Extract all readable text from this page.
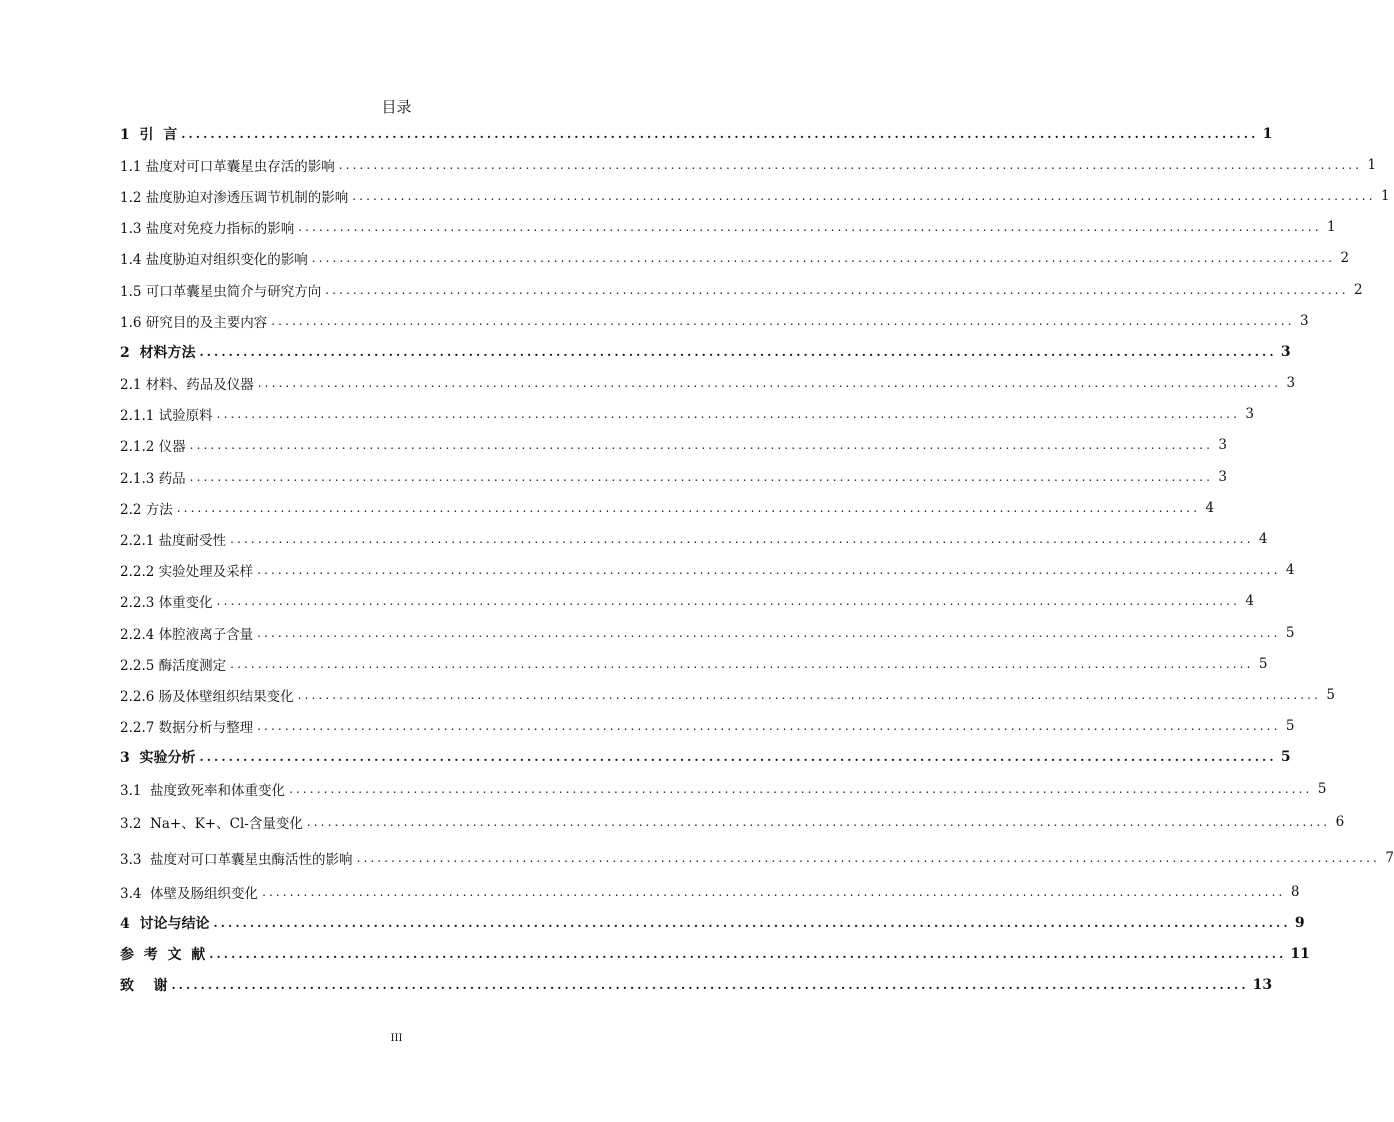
目录
1  引  言 .................................................................................................................................................... 1
1.1 盐度对可口革囊星虫存活的影响 .................................................................................................................................................... 1
1.2 盐度胁迫对渗透压调节机制的影响 .................................................................................................................................................... 1
1.3 盐度对免疫力指标的影响 .................................................................................................................................................... 1
1.4 盐度胁迫对组织变化的影响 .................................................................................................................................................... 2
1.5 可口革囊星虫简介与研究方向 .................................................................................................................................................... 2
1.6 研究目的及主要内容 .................................................................................................................................................... 3
2  材料方法 .................................................................................................................................................... 3
2.1 材料、药品及仪器 .................................................................................................................................................... 3
2.1.1 试验原料 .................................................................................................................................................... 3
2.1.2 仪器 .................................................................................................................................................... 3
2.1.3 药品 .................................................................................................................................................... 3
2.2 方法 .................................................................................................................................................... 4
2.2.1 盐度耐受性 .................................................................................................................................................... 4
2.2.2 实验处理及采样 .................................................................................................................................................... 4
2.2.3 体重变化 .................................................................................................................................................... 4
2.2.4 体腔液离子含量 .................................................................................................................................................... 5
2.2.5 酶活度测定 .................................................................................................................................................... 5
2.2.6 肠及体壁组织结果变化 .................................................................................................................................................... 5
2.2.7 数据分析与整理 .................................................................................................................................................... 5
3  实验分析 .................................................................................................................................................... 5
3.1  盐度致死率和体重变化 .................................................................................................................................................... 5
3.2  Na+、K+、Cl-含量变化 .................................................................................................................................................... 6
3.3  盐度对可口革囊星虫酶活性的影响 .................................................................................................................................................... 7
3.4  体壁及肠组织变化 .................................................................................................................................................... 8
4  讨论与结论 .................................................................................................................................................... 9
参  考  文  献 .................................................................................................................................................... 11
致    谢 .................................................................................................................................................... 13
III
